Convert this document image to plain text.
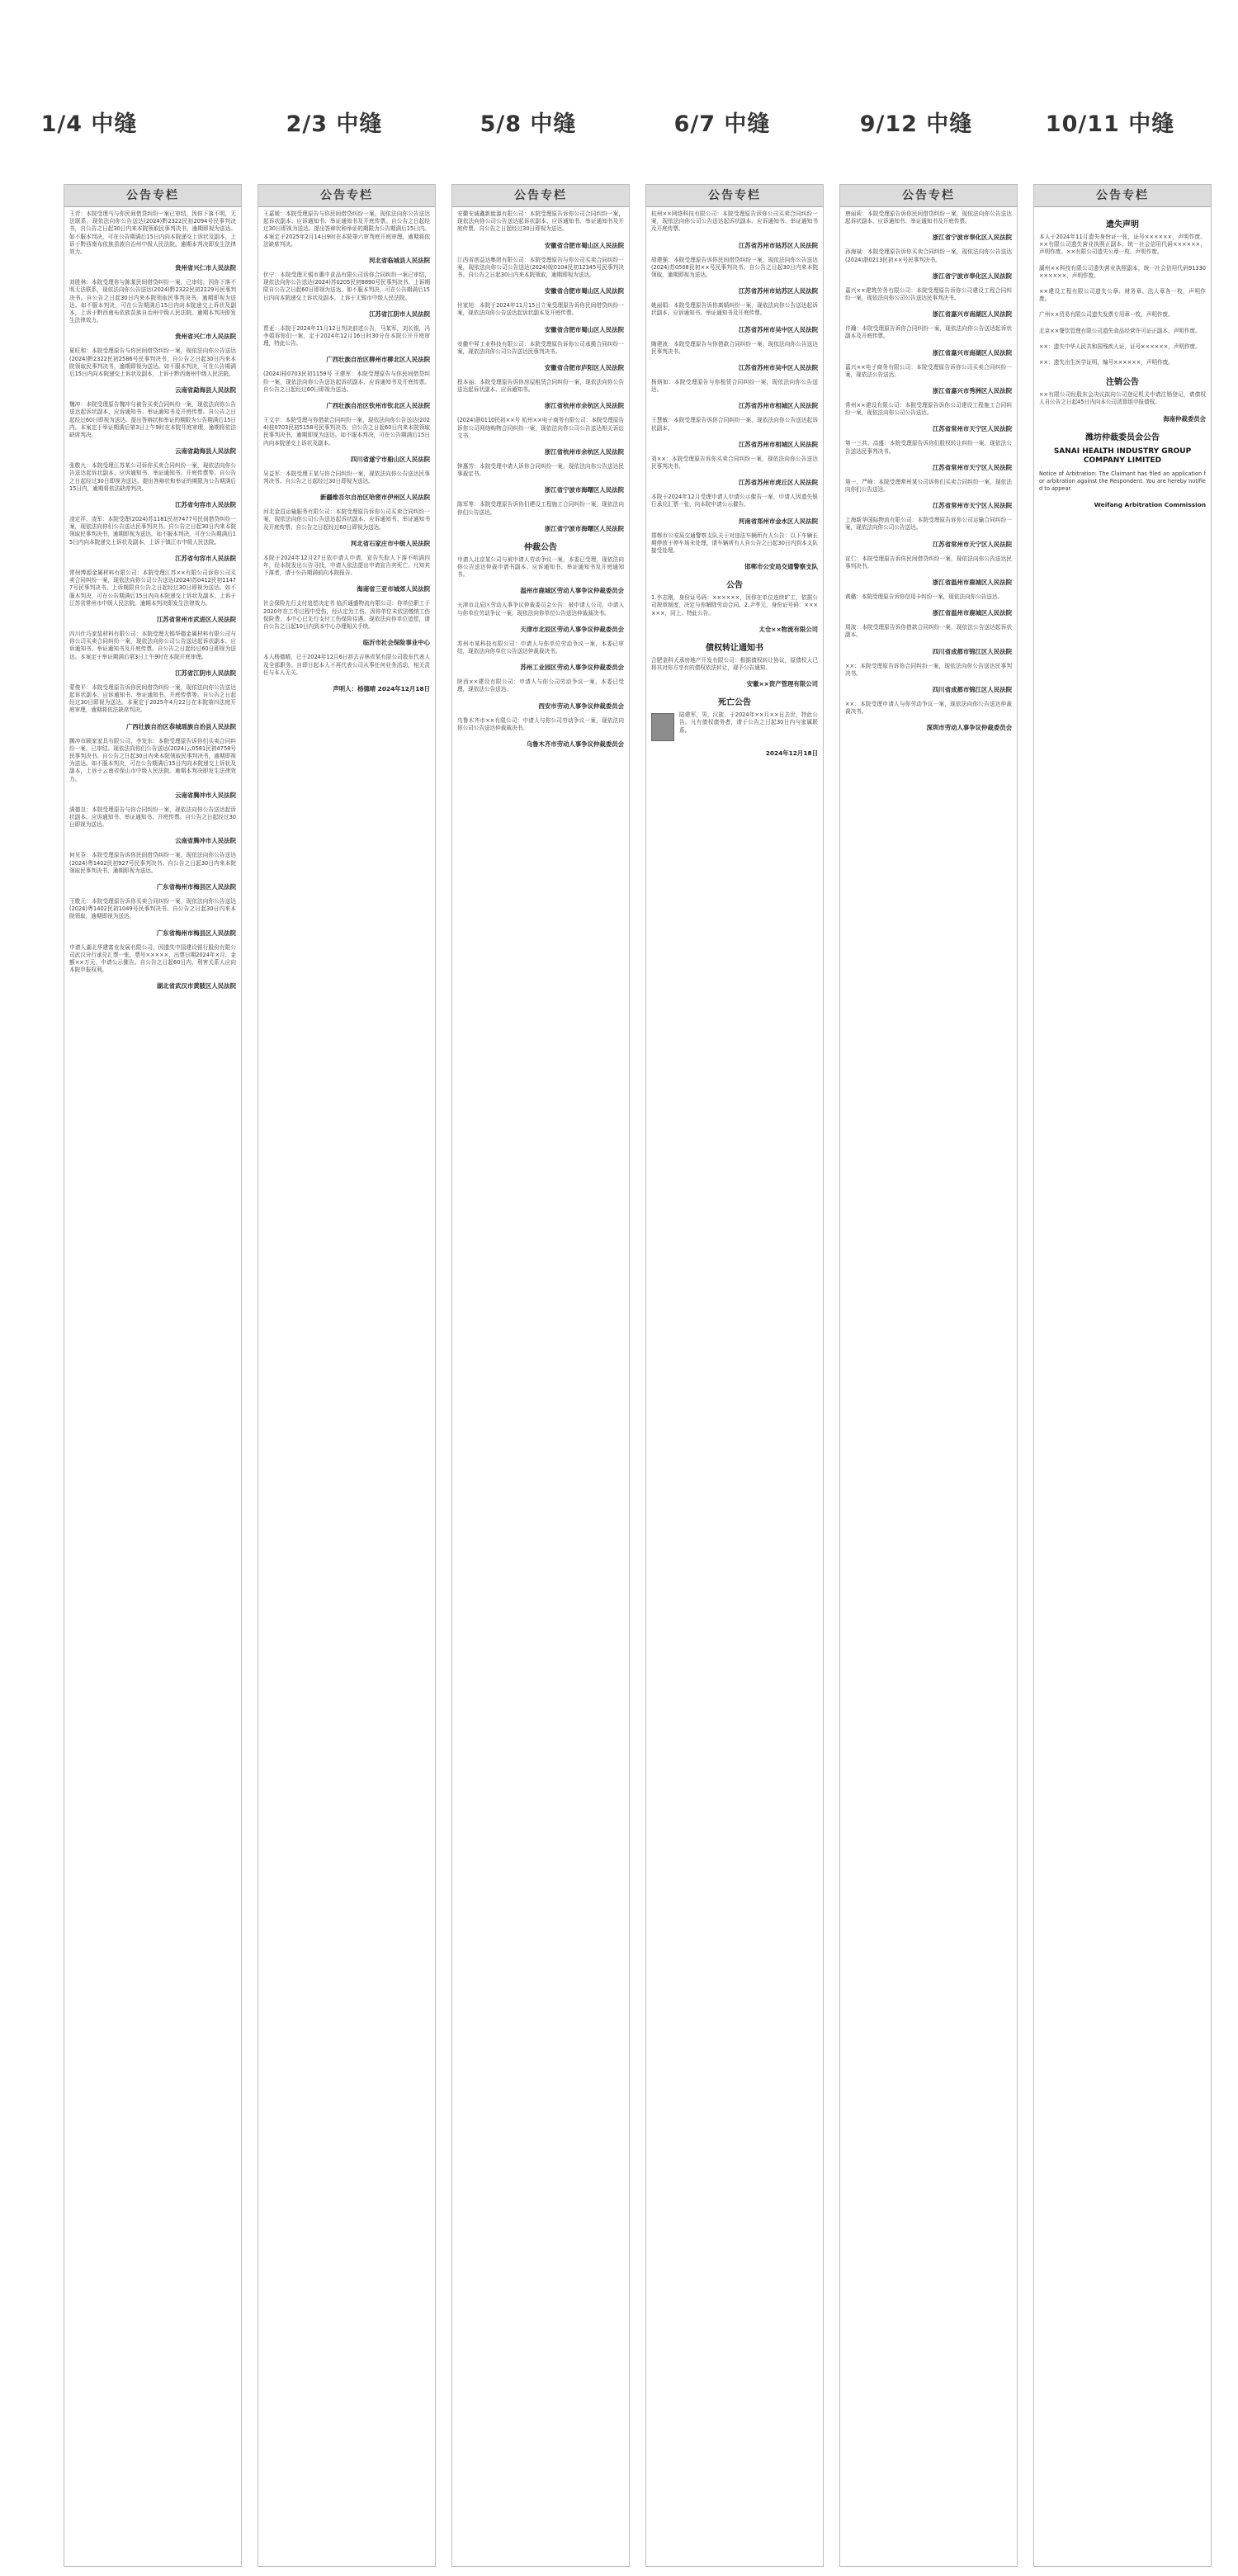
1/4 中缝	2/3 中缝	5/8 中缝	6/7 中缝	9/12 中缝	10/11 中缝
公告专栏

王青：本院受理马与你民间借贷纠纷一案已审结，因你下落不明，无法联系，现依法向你公告送达(2024)黔2322民初2094号民事判决书，自公告之日起30日内来本院领取民事判决书，逾期即视为送达。如不服本判决，可在公告期满后15日内向本院递交上诉状及副本，上诉于黔西南布依族苗族自治州中级人民法院。逾期本判决即发生法律效力。

贵州省兴仁市人民法院

刘胜林：本院受理你与陈某民间借贷纠纷一案，已审结，因你下落不明无法联系，现依法向你公告送达(2024)黔2322民初2229号民事判决书。自公告之日起30日内来本院领取民事判决书，逾期即视为送达。如不服本判决，可在公告期满后15日内向本院递交上诉状及副本，上诉于黔西南布依族苗族自治州中级人民法院。逾期本判决即发生法律效力。

贵州省兴仁市人民法院

夏旺和：本院受理原告与你民间借贷纠纷一案，现依法向你公告送达(2024)黔2322民初2586号民事判决书，自公告之日起30日内来本院领取民事判决书，逾期即视为送达。如不服本判决，可在公告期满后15日内向本院递交上诉状及副本，上诉于黔西南州中级人民法院。

云南省勐海县人民法院

魏冲：本院受理原告魏冲与被告买卖合同纠纷一案，现依法向你公告送达起诉状副本、应诉通知书、举证通知书及开庭传票。自公告之日起经过60日即视为送达。提出答辩状和举证的期限为公告期满后15日内。本案定于举证期满后第3日上午9时在本院开庭审理，逾期将依法缺席判决。

云南省勐海县人民法院

张敬九：本院受理江苏某公司诉你买卖合同纠纷一案，现依法向你公告送达起诉状副本、应诉通知书、举证通知书、开庭传票等。自公告之日起经过30日即视为送达。提出答辩状和举证的期限为公告期满后15日内，逾期将依法缺席判决。

江苏省句容市人民法院

凌定祥、凌军：本院受理(2024)苏1181民初7477号民间借贷纠纷一案，现依法向你们公告送达民事判决书。自公告之日起30日内来本院领取民事判决书，逾期即视为送达。如不服本判决，可在公告期满后15日内向本院递交上诉状及副本，上诉于镇江市中级人民法院。

江苏省句容市人民法院

常州博源金属材料有限公司：本院受理江苏××有限公司诉你公司买卖合同纠纷一案，现依法向你公司公告送达(2024)苏0412民初11477号民事判决书。上诉期限自公告之日起经过30日即视为送达。如不服本判决，可在公告期满后15日内向本院递交上诉状及副本，上诉于江苏省常州市中级人民法院。逾期本判决即发生法律效力。

江苏省常州市武进区人民法院

四川仕巧家装材料有限公司：本院受理无锡华德金属材料有限公司与你公司买卖合同纠纷一案，现依法向你公司公告送达起诉状副本、应诉通知书、举证通知书及开庭传票。自公告之日起经过60日即视为送达。本案定于举证期满后第3日上午9时在本院开庭审理。

江苏省江阴市人民法院

蒙俊平：本院受理原告诉你民间借贷纠纷一案，现依法向你公告送达起诉状副本、应诉通知书、举证通知书、开庭传票等。自公告之日起经过30日即视为送达。本案定于2025年4月22日在本院第四法庭开庭审理，逾期将依法缺席判决。

广西壮族自治区恭城瑶族自治县人民法院

腾冲市顾家家具有限公司、李发东：本院受理原告诉你们买卖合同纠纷一案，已审结。现依法向你们公告送达(2024)云0581民初4758号民事判决书。自公告之日起30日内来本院领取民事判决书，逾期即视为送达。如不服本判决，可在公告期满后15日内向本院递交上诉状及副本，上诉于云南省保山市中级人民法院。逾期本判决即发生法律效力。

云南省腾冲市人民法院

满德良：本院受理原告与你合同纠纷一案，现依法向你公告送达起诉状副本、应诉通知书、举证通知书、开庭传票。自公告之日起经过30日即视为送达。

云南省腾冲市人民法院

何见芬：本院受理原告诉你民间借贷纠纷一案，现依法向你公告送达(2024)粤1402民初927号民事判决书。自公告之日起30日内来本院领取民事判决书，逾期即视为送达。

广东省梅州市梅县区人民法院

王敬元：本院受理原告诉你买卖合同纠纷一案，现依法向你公告送达(2024)粤1402民初1049号民事判决书。自公告之日起30日内来本院领取，逾期即视为送达。

广东省梅州市梅县区人民法院

申请人湖北华建富业发展有限公司，因遗失中国建设银行股份有限公司武汉分行承兑汇票一张，票号×××××，出票日期2024年×月，金额××万元，申请公示催告。自公告之日起60日内，利害关系人应向本院申报权利。

湖北省武汉市黄陂区人民法院
公告专栏

王嘉媛：本院受理原告与你民间借贷纠纷一案，现依法向你公告送达起诉状副本、应诉通知书、举证通知书及开庭传票。自公告之日起经过30日即视为送达。提出答辩状和举证的期限为公告期满后15日内。本案定于2025年2月14日9时在本院第六审判庭开庭审理，逾期将依法缺席判决。

河北省临城县人民法院

伏宁：本院受理无锡市惠中食品有限公司诉你合同纠纷一案已审结，现依法向你公告送达(2024)苏0205民初8890号民事判决书。上诉期限自公告之日起60日即视为送达。如不服本判决，可在公告期满后15日内向本院递交上诉状及副本，上诉于无锡市中级人民法院。

江苏省江阴市人民法院

贾亚：本院于2024年11月12日判决前述公告，马某军，刘长银，冯李娟诉你们一案，定于2024年12月16日时30分在本院公开开庭审理，特此公告。

广西壮族自治区柳州市柳北区人民法院

(2024)桂0703民初1159号 王建军：本院受理原告与你民间借贷纠纷一案，现依法向你公告送达起诉状副本、应诉通知书及开庭传票。自公告之日起经过60日即视为送达。

广西壮族自治区钦州市钦北区人民法院

王文宇：本院受理与你借款合同纠纷一案，现依法向你公告送达(2024)桂0703民初5158号民事判决书。自公告之日起60日内来本院领取民事判决书，逾期即视为送达。如不服本判决，可在公告期满后15日内向本院递交上诉状及副本。

四川省遂宁市船山区人民法院

吴益军：本院受理王某与你合同纠纷一案，现依法向你公告送达民事判决书。自公告之日起经过30日即视为送达。

新疆维吾尔自治区哈密市伊州区人民法院

河北金昌运输服务有限公司：本院受理原告诉你公司买卖合同纠纷一案，现依法向你公司公告送达起诉状副本、应诉通知书、举证通知书及开庭传票。自公告之日起经过60日即视为送达。

河北省石家庄市中级人民法院

本院于2024年12月27日依申请人申请，宣告失踪人下落不明满四年，经本院发出公告寻找，申请人依法提出申请宣告其死亡。凡知其下落者，请于公告期满前向本院报告。

海南省三亚市城郊人民法院

社会保险先行支付追偿决定书 临沂通盛物流有限公司：你单位职工于2020年在工作过程中受伤，经认定为工伤。因你单位未依法缴纳工伤保险费，本中心已先行支付工伤保险待遇。现依法向你单位追偿，请自公告之日起10日内到本中心办理相关手续。

临沂市社会保险事业中心

本人杨德晴，已于2024年12月6日辞去吉林省某有限公司股东代表人及全部职务，自即日起本人不再代表公司从事任何业务活动，相关责任与本人无关。

声明人：杨德晴 2024年12月18日
公告专栏

安徽安诚鑫新能源有限公司：本院受理原告诉你公司合同纠纷一案，现依法向你公司公告送达起诉状副本、应诉通知书、举证通知书及开庭传票。自公告之日起经过30日即视为送达。

安徽省合肥市蜀山区人民法院

江西省创益达集团有限公司：本院受理原告与你公司买卖合同纠纷一案，现依法向你公司公告送达(2024)皖0104民初12345号民事判决书。自公告之日起30日内来本院领取，逾期即视为送达。

安徽省合肥市蜀山区人民法院

付家旭：本院于2024年11月15日立案受理原告诉你民间借贷纠纷一案，现依法向你公告送达起诉状副本及开庭传票。

安徽省合肥市蜀山区人民法院

安徽中昇工业科技有限公司：本院受理原告诉你公司承揽合同纠纷一案，现依法向你公司公告送达民事判决书。

安徽省合肥市庐阳区人民法院

程本丽：本院受理原告诉你房屋租赁合同纠纷一案，现依法向你公告送达起诉状副本、应诉通知书。

浙江省杭州市余杭区人民法院

(2024)浙0110民初××号 杭州××电子商务有限公司：本院受理原告诉你公司网络购物合同纠纷一案，现依法向你公司公告送达相关诉讼文书。

浙江省杭州市余杭区人民法院

钟惠芳：本院受理申请人诉你合同纠纷一案，现依法向你公告送达民事裁定书。

浙江省宁波市海曙区人民法院

陈军等：本院受理原告诉你们建设工程施工合同纠纷一案，现依法向你们公告送达。

浙江省宁波市海曙区人民法院
仲裁公告

申请人北京某公司与被申请人劳动争议一案，本委已受理，现依法向你公告送达仲裁申请书副本、应诉通知书、举证通知书及开庭通知书。

温州市鹿城区劳动人事争议仲裁委员会

天津市北辰区劳动人事争议仲裁委员会公告：被申请人公司，申请人与你单位劳动争议一案，现依法向你单位公告送达仲裁裁决书。

天津市北辰区劳动人事争议仲裁委员会

苏州市某科技有限公司：申请人与你单位劳动争议一案，本委已审结，现依法向你单位公告送达仲裁裁决书。

苏州工业园区劳动人事争议仲裁委员会

陕西××建设有限公司：申请人与你公司劳动争议一案，本委已受理，现依法公告送达。

西安市劳动人事争议仲裁委员会

乌鲁木齐市××有限公司：申请人与你公司劳动争议一案，现依法向你公司公告送达仲裁裁决书。

乌鲁木齐市劳动人事争议仲裁委员会
公告专栏

杭州××网络科技有限公司：本院受理原告诉你公司买卖合同纠纷一案，现依法向你公司公告送达起诉状副本、应诉通知书、举证通知书及开庭传票。

江苏省苏州市姑苏区人民法院

胡建强：本院受理原告诉你民间借贷纠纷一案，现依法向你公告送达(2024)苏0508民初××号民事判决书。自公告之日起30日内来本院领取，逾期即视为送达。

江苏省苏州市姑苏区人民法院

姚丽娟：本院受理原告诉你离婚纠纷一案，现依法向你公告送达起诉状副本、应诉通知书、举证通知书及开庭传票。

江苏省苏州市吴中区人民法院

陶建波：本院受理原告与你借款合同纠纷一案，现依法向你公告送达民事判决书。

江苏省苏州市吴中区人民法院

杨炳如：本院受理原告与你租赁合同纠纷一案，现依法向你公告送达。

江苏省苏州市相城区人民法院

王慧敏：本院受理原告诉你合同纠纷一案，现依法向你公告送达起诉状副本。

江苏省苏州市相城区人民法院

刘××：本院受理原告诉你买卖合同纠纷一案，现依法向你公告送达民事判决书。

江苏省苏州市虎丘区人民法院

本院于2024年12月受理申请人申请公示催告一案，申请人因遗失银行承兑汇票一张，向本院申请公示催告。

河南省郑州市金水区人民法院

邯郸市公安局交通警察支队关于对违法车辆所有人公告：以下车辆长期停放于停车场未处理，请车辆所有人自公告之日起30日内到本支队接受处理。

邯郸市公安局交通警察支队
公告

1.李志刚，身份证号码：××××××，因你在单位连续旷工，依据公司规章制度，决定与你解除劳动合同。2.尹孝元，身份证号码：××××××，同上。特此公告。

太仓××物流有限公司
债权转让通知书

合肥金科天承房地产开发有限公司：根据债权转让协议，原债权人已将其对你方享有的债权依法转让，现予公告通知。

安徽××资产管理有限公司
死亡公告

陆建军，男，汉族，于2024年××月××日去世，特此公告。凡有债权债务者，请于公告之日起30日内与家属联系。

2024年12月18日
公告专栏

唐丽莉：本院受理原告诉你民间借贷纠纷一案，现依法向你公告送达起诉状副本、应诉通知书、举证通知书及开庭传票。

浙江省宁波市奉化区人民法院

孙海斌：本院受理原告诉你买卖合同纠纷一案，现依法向你公告送达(2024)浙0213民初××号民事判决书。

浙江省宁波市奉化区人民法院

嘉兴××建筑劳务有限公司：本院受理原告诉你公司建设工程合同纠纷一案，现依法向你公司公告送达民事判决书。

浙江省嘉兴市南湖区人民法院

许瀚：本院受理原告诉你合同纠纷一案，现依法向你公告送达起诉状副本及开庭传票。

浙江省嘉兴市南湖区人民法院

嘉兴××电子商务有限公司：本院受理原告诉你公司买卖合同纠纷一案，现依法公告送达。

浙江省嘉兴市秀洲区人民法院

常州××建设有限公司：本院受理原告诉你公司建设工程施工合同纠纷一案，现依法向你公司公告送达。

江苏省常州市天宁区人民法院

第一三共、高盛：本院受理原告诉你们股权转让纠纷一案，现依法公告送达民事判决书。

江苏省常州市天宁区人民法院

第一、严峰：本院受理常州某公司诉你们买卖合同纠纷一案，现依法向你们公告送达。

江苏省常州市天宁区人民法院

上海新华国际物流有限公司：本院受理原告诉你公司运输合同纠纷一案，现依法向你公司公告送达。

江苏省常州市天宁区人民法院

宣仁：本院受理原告诉你民间借贷纠纷一案，现依法向你公告送达民事判决书。

浙江省温州市鹿城区人民法院

黄璐：本院受理原告诉你信用卡纠纷一案，现依法向你公告送达。

浙江省温州市鹿城区人民法院

周波：本院受理原告诉你借款合同纠纷一案，现依法公告送达起诉状副本。

四川省成都市锦江区人民法院

××：本院受理原告诉你合同纠纷一案，现依法向你公告送达民事判决书。

四川省成都市锦江区人民法院

××：本院受理申请人与你劳动争议一案，现依法向你公告送达仲裁裁决书。

深圳市劳动人事争议仲裁委员会
公告专栏
遗失声明

本人于2024年11月遗失身份证一张，证号××××××，声明作废。××有限公司遗失营业执照正副本，统一社会信用代码××××××，声明作废。××有限公司遗失公章一枚，声明作废。

湖州××科技有限公司遗失营业执照副本，统一社会信用代码91330××××××，声明作废。

××建设工程有限公司遗失公章、财务章、法人章各一枚，声明作废。

广州××贸易有限公司遗失发票专用章一枚，声明作废。

北京××餐饮管理有限公司遗失食品经营许可证正副本，声明作废。

××：遗失中华人民共和国残疾人证，证号××××××，声明作废。

××：遗失出生医学证明，编号××××××，声明作废。

注销公告

××有限公司经股东会决议拟向公司登记机关申请注销登记，请债权人自公告之日起45日内向本公司清算组申报债权。

海南仲裁委员会
潍坊仲裁委员会公告
SANAI HEALTH INDUSTRY GROUP COMPANY LIMITED

Notice of Arbitration: The Claimant has filed an application for arbitration against the Respondent. You are hereby notified to appear.

Weifang Arbitration Commission
